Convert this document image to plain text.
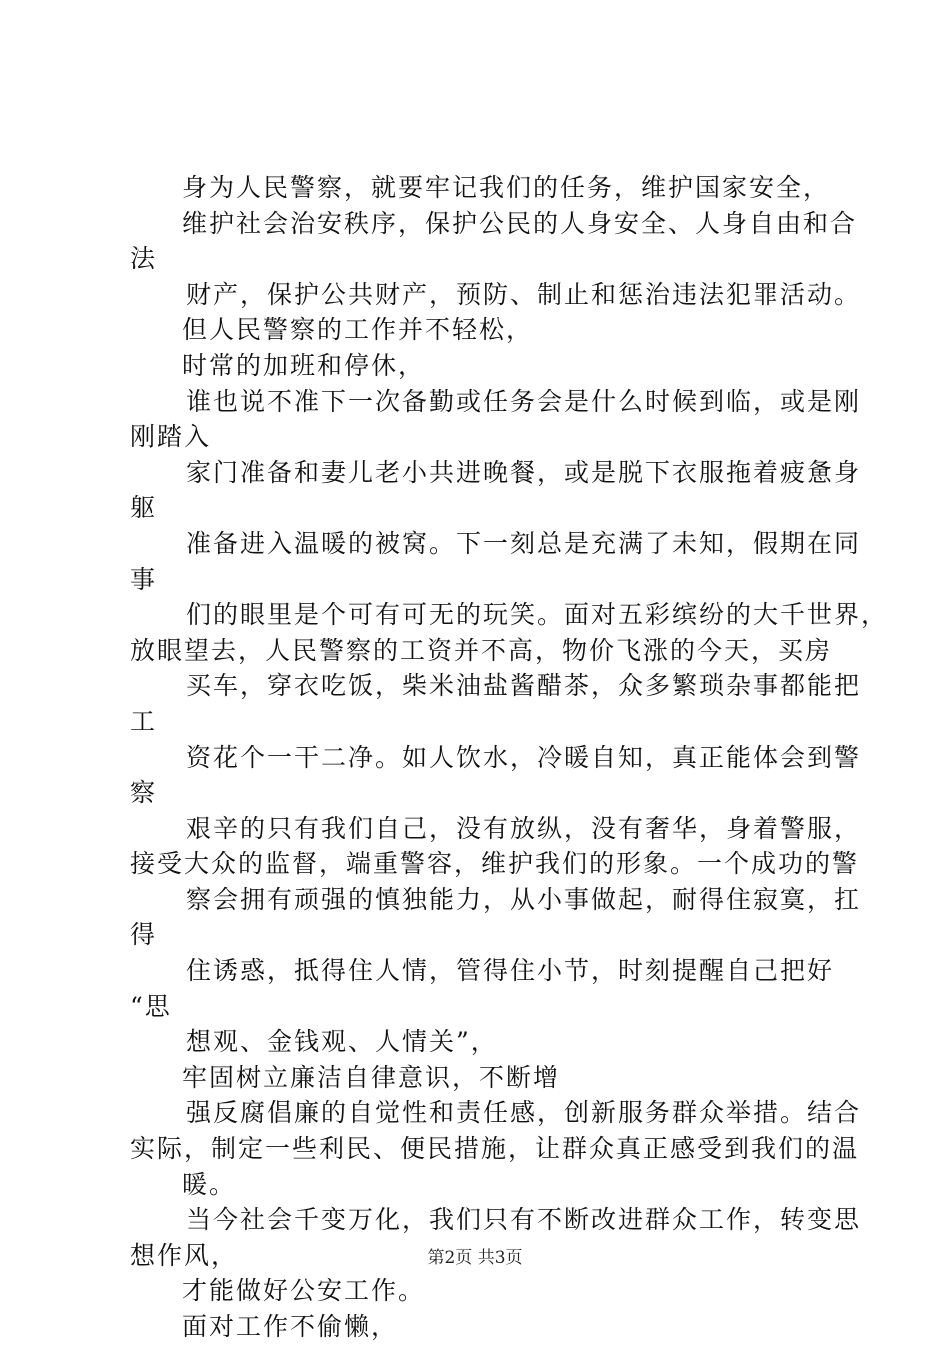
身为人民警察，就要牢记我们的任务，维护国家安全，
维护社会治安秩序，保护公民的人身安全、人身自由和合
法
财产，保护公共财产，预防、制止和惩治违法犯罪活动。
但人民警察的工作并不轻松，
时常的加班和停休，
谁也说不准下一次备勤或任务会是什么时候到临，或是刚
刚踏入
家门准备和妻儿老小共进晚餐，或是脱下衣服拖着疲惫身
躯
准备进入温暖的被窝。下一刻总是充满了未知，假期在同
事
们的眼里是个可有可无的玩笑。面对五彩缤纷的大千世界，
放眼望去，人民警察的工资并不高，物价飞涨的今天，买房
买车，穿衣吃饭，柴米油盐酱醋茶，众多繁琐杂事都能把
工
资花个一干二净。如人饮水，冷暖自知，真正能体会到警
察
艰辛的只有我们自己，没有放纵，没有奢华，身着警服，
接受大众的监督，端重警容，维护我们的形象。一个成功的警
察会拥有顽强的慎独能力，从小事做起，耐得住寂寞，扛
得
住诱惑，抵得住人情，管得住小节，时刻提醒自己把好
“思
想观、金钱观、人情关”，
牢固树立廉洁自律意识，不断增
强反腐倡廉的自觉性和责任感，创新服务群众举措。结合
实际，制定一些利民、便民措施，让群众真正感受到我们的温
暖。
当今社会千变万化，我们只有不断改进群众工作，转变思
想作风，
才能做好公安工作。
面对工作不偷懒，
第2页 共3页
